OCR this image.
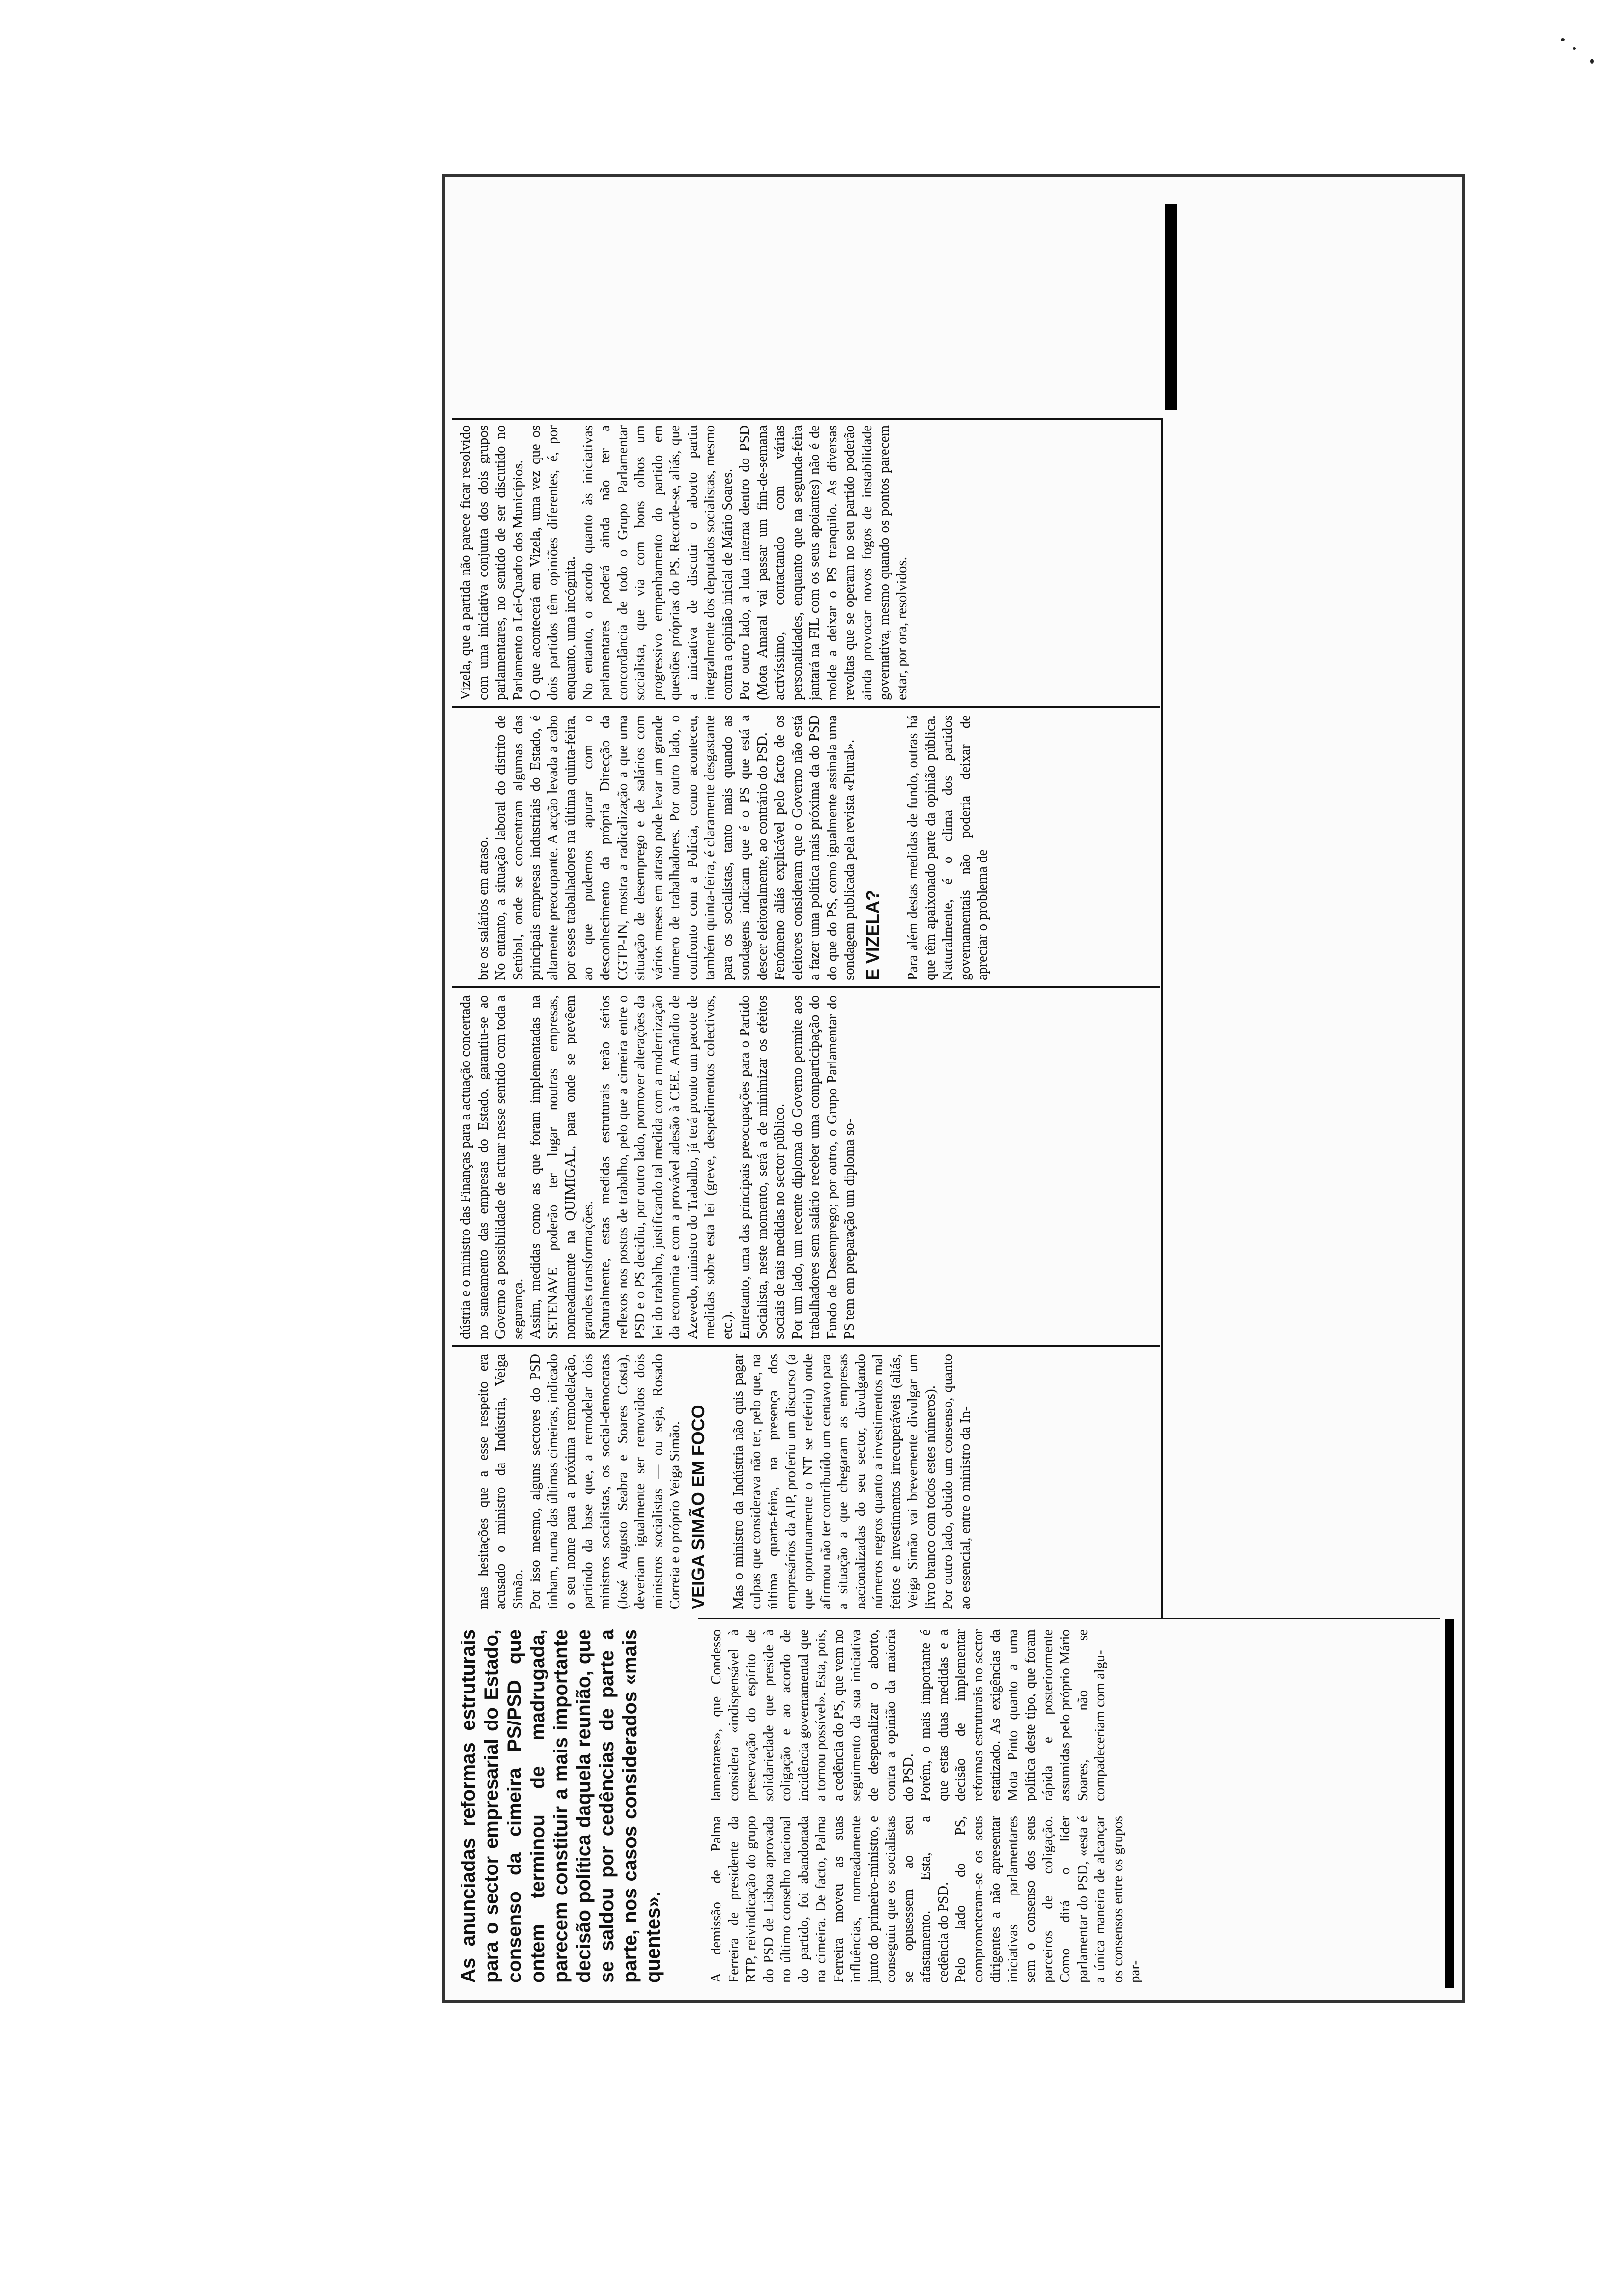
As anunciadas reformas estruturais para o sector empresarial do Estado, consenso da cimeira PS/PSD que ontem terminou de madrugada, parecem constituir a mais importante decisão política daquela reunião, que se saldou por cedências de parte a parte, nos casos considerados «mais quentes».	A demissão de Palma Ferreira de presidente da RTP, reivindicação do grupo do PSD de Lisboa aprovada no último conselho nacional do partido, foi abandonada na cimeira. De facto, Palma Ferreira moveu as suas influências, nomeadamente junto do primeiro-ministro, e conseguiu que os socialistas se opusessem ao seu afastamento. Esta, a cedência do PSD.
Pelo lado do PS, comprometeram-se os seus dirigentes a não apresentar iniciativas parlamentares sem o consenso dos seus parceiros de coligação. Como dirá o líder parlamentar do PSD, «esta é a única maneira de alcançar os consensos entre os grupos par-
lamentares», que Condesso considera «indispensável à preservação do espírito de solidariedade que preside à coligação e ao acordo de incidência governamental que a tornou possível». Esta, pois, a cedência do PS, que vem no seguimento da sua iniciativa de despenalizar o aborto, contra a opinião da maioria do PSD.
Porém, o mais importante é que estas duas medidas e a decisão de implementar reformas estruturais no sector estatizado. As exigências da Mota Pinto quanto a uma política deste tipo, que foram rápida e posteriormente assumidas pelo próprio Mário Soares, não se compadeceriam com algu-

mas hesitações que a esse respeito era acusado o ministro da Indústria, Veiga Simão.
Por isso mesmo, alguns sectores do PSD tinham, numa das últimas cimeiras, indicado o seu nome para a próxima remodelação, partindo da base que, a remodelar dois ministros socialistas, os social-democratas (José Augusto Seabra e Soares Costa), deveriam igualmente ser removidos dois ministros socialistas — ou seja, Rosado Correia e o próprio Veiga Simão. VEIGA SIMÃO EM FOCO Mas o ministro da Indústria não quis pagar culpas que considerava não ter, pelo que, na última quarta-feira, na presença dos empresários da AIP, proferiu um discurso (a que oportunamente o NT se referiu) onde afirmou não ter contribuído um centavo para a situação a que chegaram as empresas nacionalizadas do seu sector, divulgando números negros quanto a investimentos mal feitos e investimentos irrecuperáveis (aliás, Veiga Simão vai brevemente divulgar um livro branco com todos estes números).
Por outro lado, obtido um consenso, quanto ao essencial, entre o ministro da In-

dústria e o ministro das Finanças para a actuação concertada no saneamento das empresas do Estado, garantiu-se ao Governo a possibilidade de actuar nesse sentido com toda a segurança.
Assim, medidas como as que foram implementadas na SETENAVE poderão ter lugar noutras empresas, nomeadamente na QUIMIGAL, para onde se prevêem grandes transformações.
Naturalmente, estas medidas estruturais terão sérios reflexos nos postos de trabalho, pelo que a cimeira entre o PSD e o PS decidiu, por outro lado, promover alterações da lei do trabalho, justificando tal medida com a modernização da economia e com a provável adesão à CEE. Amândio de Azevedo, ministro do Trabalho, já terá pronto um pacote de medidas sobre esta lei (greve, despedimentos colectivos, etc.).
Entretanto, uma das principais preocupações para o Partido Socialista, neste momento, será a de minimizar os efeitos sociais de tais medidas no sector público.
Por um lado, um recente diploma do Governo permite aos trabalhadores sem salário receber uma comparticipação do Fundo de Desemprego; por outro, o Grupo Parlamentar do PS tem em preparação um diploma so-

bre os salários em atraso.
No entanto, a situação laboral do distrito de Setúbal, onde se concentram algumas das principais empresas industriais do Estado, é altamente preocupante. A acção levada a cabo por esses trabalhadores na última quinta-feira, ao que pudemos apurar com o desconhecimento da própria Direcção da CGTP-IN, mostra a radicalização a que uma situação de desemprego e de salários com vários meses em atraso pode levar um grande número de trabalhadores. Por outro lado, o confronto com a Polícia, como aconteceu, também quinta-feira, é claramente desgastante para os socialistas, tanto mais quando as sondagens indicam que é o PS que está a descer eleitoralmente, ao contrário do PSD.
Fenómeno aliás explicável pelo facto de os eleitores consideram que o Governo não está a fazer uma política mais próxima da do PSD do que do PS, como igualmente assinala uma sondagem publicada pela revista «Plural».

E VIZELA? Para além destas medidas de fundo, outras há que têm apaixonado parte da opinião pública. Naturalmente, é o clima dos partidos governamentais não poderia deixar de apreciar o problema de

Vizela, que a partida não parece ficar resolvido com uma iniciativa conjunta dos dois grupos parlamentares, no sentido de ser discutido no Parlamento a Lei-Quadro dos Municípios.
O que acontecerá em Vizela, uma vez que os dois partidos têm opiniões diferentes, é, por enquanto, uma incógnita.
No entanto, o acordo quanto às iniciativas parlamentares poderá ainda não ter a concordância de todo o Grupo Parlamentar socialista, que via com bons olhos um progressivo empenhamento do partido em questões próprias do PS. Recorde-se, aliás, que a iniciativa de discutir o aborto partiu integralmente dos deputados socialistas, mesmo contra a opinião inicial de Mário Soares.
Por outro lado, a luta interna dentro do PSD (Mota Amaral vai passar um fim-de-semana activíssimo, contactando com várias personalidades, enquanto que na segunda-feira jantará na FIL com os seus apoiantes) não é de molde a deixar o PS tranquilo. As diversas revoltas que se operam no seu partido poderão ainda provocar novos fogos de instabilidade governativa, mesmo quando os pontos parecem estar, por ora, resolvidos.
